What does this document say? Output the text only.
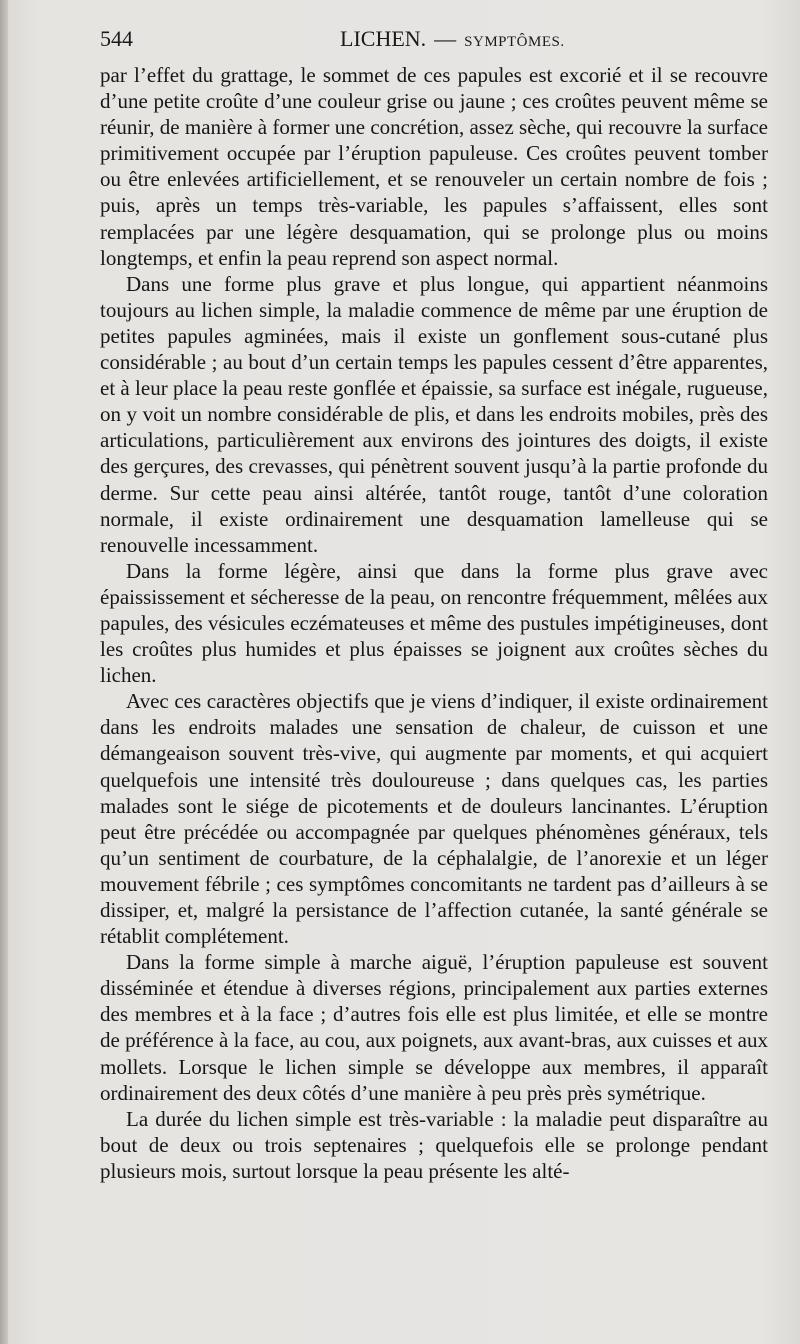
544	LICHEN. — SYMPTÔMES.

par l’effet du grattage, le sommet de ces papules est excorié et il se recouvre d’une petite croûte d’une couleur grise ou jaune ; ces croûtes peuvent même se réunir, de manière à former une concrétion, assez sèche, qui recouvre la surface primitivement occupée par l’éruption papuleuse. Ces croûtes peuvent tomber ou être enlevées artificiellement, et se renouveler un certain nombre de fois ; puis, après un temps très-variable, les papules s’affaissent, elles sont remplacées par une légère desquamation, qui se prolonge plus ou moins longtemps, et enfin la peau reprend son aspect normal.

Dans une forme plus grave et plus longue, qui appartient néanmoins toujours au lichen simple, la maladie commence de même par une éruption de petites papules agminées, mais il existe un gonflement sous-cutané plus considérable ; au bout d’un certain temps les papules cessent d’être apparentes, et à leur place la peau reste gonflée et épaissie, sa surface est inégale, rugueuse, on y voit un nombre considérable de plis, et dans les endroits mobiles, près des articulations, particulièrement aux environs des jointures des doigts, il existe des gerçures, des crevasses, qui pénètrent souvent jusqu’à la partie profonde du derme. Sur cette peau ainsi altérée, tantôt rouge, tantôt d’une coloration normale, il existe ordinairement une desquamation lamelleuse qui se renouvelle incessamment.

Dans la forme légère, ainsi que dans la forme plus grave avec épaississement et sécheresse de la peau, on rencontre fréquemment, mêlées aux papules, des vésicules eczémateuses et même des pustules impétigineuses, dont les croûtes plus humides et plus épaisses se joignent aux croûtes sèches du lichen.

Avec ces caractères objectifs que je viens d’indiquer, il existe ordinairement dans les endroits malades une sensation de chaleur, de cuisson et une démangeaison souvent très-vive, qui augmente par moments, et qui acquiert quelquefois une intensité très douloureuse ; dans quelques cas, les parties malades sont le siége de picotements et de douleurs lancinantes. L’éruption peut être précédée ou accompagnée par quelques phénomènes généraux, tels qu’un sentiment de courbature, de la céphalalgie, de l’anorexie et un léger mouvement fébrile ; ces symptômes concomitants ne tardent pas d’ailleurs à se dissiper, et, malgré la persistance de l’affection cutanée, la santé générale se rétablit complétement.

Dans la forme simple à marche aiguë, l’éruption papuleuse est souvent disséminée et étendue à diverses régions, principalement aux parties externes des membres et à la face ; d’autres fois elle est plus limitée, et elle se montre de préférence à la face, au cou, aux poignets, aux avant-bras, aux cuisses et aux mollets. Lorsque le lichen simple se développe aux membres, il apparaît ordinairement des deux côtés d’une manière à peu près près symétrique.

La durée du lichen simple est très-variable : la maladie peut disparaître au bout de deux ou trois septenaires ; quelquefois elle se prolonge pendant plusieurs mois, surtout lorsque la peau présente les alté-
